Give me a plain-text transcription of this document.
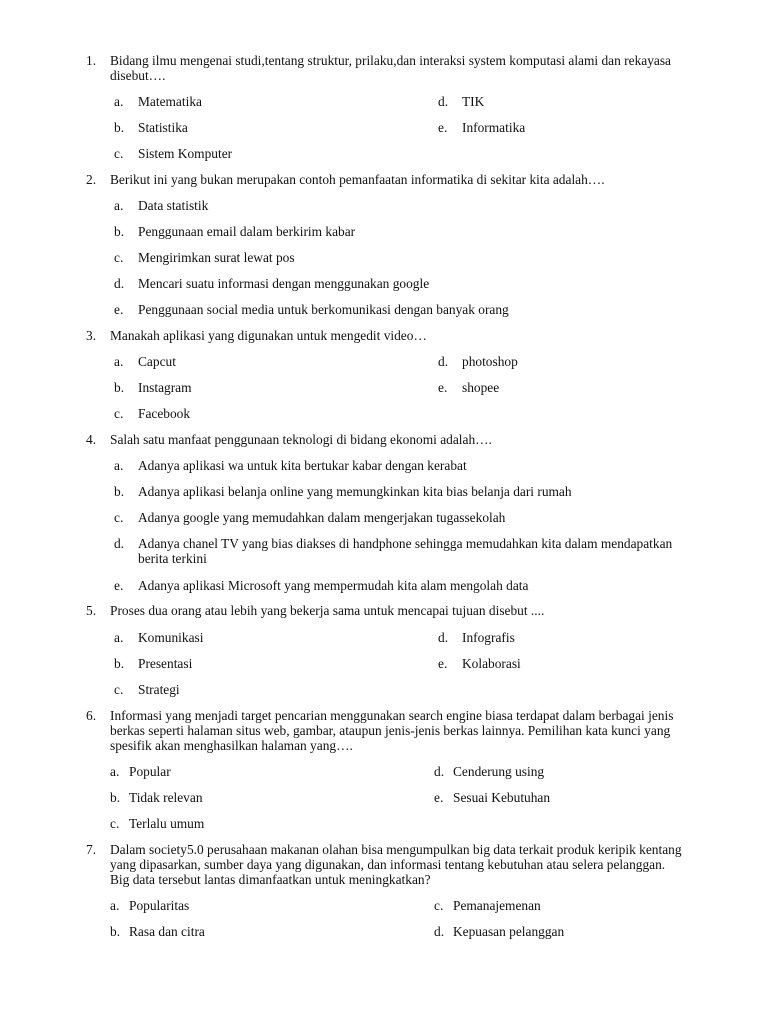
1.	Bidang ilmu mengenai studi,tentang struktur, prilaku,dan interaksi system komputasi alami dan rekayasa disebut….
a.	Matematika
b.	Statistika
c.	Sistem Komputer
d.	TIK
e.	Informatika
2.	Berikut ini yang bukan merupakan contoh pemanfaatan informatika di sekitar kita adalah….
a.	Data statistik
b.	Penggunaan email dalam berkirim kabar
c.	Mengirimkan surat lewat pos
d.	Mencari suatu informasi dengan menggunakan google
e.	Penggunaan social media untuk berkomunikasi dengan banyak orang
3.	Manakah aplikasi yang digunakan untuk mengedit video…
a.	Capcut
b.	Instagram
c.	Facebook
d.	photoshop
e.	shopee
4.	Salah satu manfaat penggunaan teknologi di bidang ekonomi adalah….
a.	Adanya aplikasi wa untuk kita bertukar kabar dengan kerabat
b.	Adanya aplikasi belanja online yang memungkinkan kita bias belanja dari rumah
c.	Adanya google yang memudahkan dalam mengerjakan tugassekolah
d.	Adanya chanel TV yang bias diakses di handphone sehingga memudahkan kita dalam mendapatkan berita terkini
e.	Adanya aplikasi Microsoft yang mempermudah kita alam mengolah data
5.	Proses dua orang atau lebih yang bekerja sama untuk mencapai tujuan disebut ....
a.	Komunikasi
b.	Presentasi
c.	Strategi
d.	Infografis
e.	Kolaborasi
6.	Informasi yang menjadi target pencarian menggunakan search engine biasa terdapat dalam berbagai jenis berkas seperti halaman situs web, gambar, ataupun jenis-jenis berkas lainnya. Pemilihan kata kunci yang spesifik akan menghasilkan halaman yang….
a. Popular
b. Tidak relevan
c. Terlalu umum
d. Cenderung using
e. Sesuai Kebutuhan
7.	Dalam society5.0 perusahaan makanan olahan bisa mengumpulkan big data terkait produk keripik kentang yang dipasarkan, sumber daya yang digunakan, dan informasi tentang kebutuhan atau selera pelanggan. Big data tersebut lantas dimanfaatkan untuk meningkatkan?
a. Popularitas
b. Rasa dan citra
c. Pemanajemenan
d. Kepuasan pelanggan
